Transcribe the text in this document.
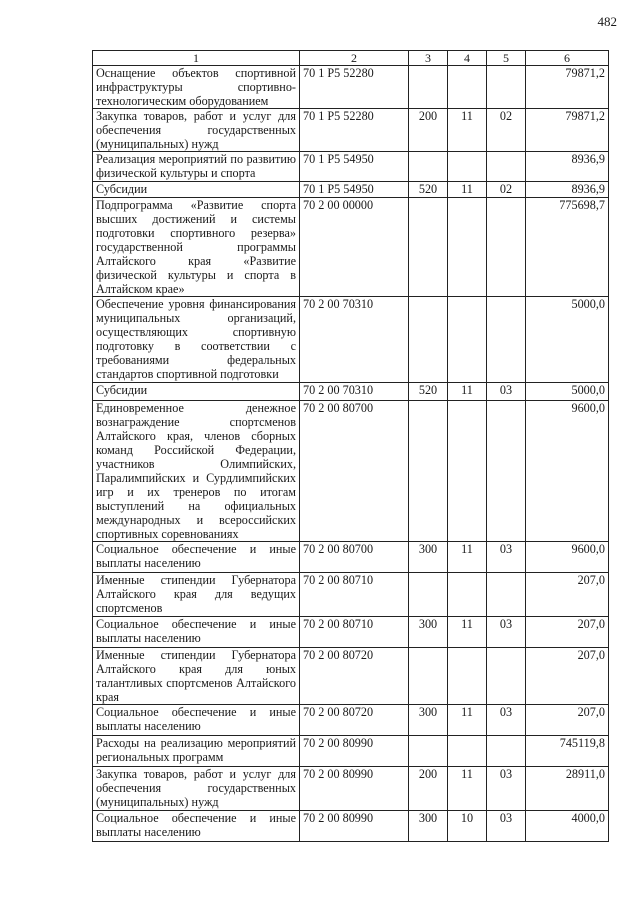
482
1	2	3	4	5	6
Оснащение объектов спортивной инфраструктуры спортивно-технологическим оборудованием	70 1 P5 52280				79871,2
Закупка товаров, работ и услуг для обеспечения государственных (муниципальных) нужд	70 1 P5 52280	200	11	02	79871,2
Реализация мероприятий по развитию физической культуры и спорта	70 1 P5 54950				8936,9
Субсидии	70 1 P5 54950	520	11	02	8936,9
Подпрограмма «Развитие спорта высших достижений и системы подготовки спортивного резерва» государственной программы Алтайского края «Развитие физической культуры и спорта в Алтайском крае»	70 2 00 00000				775698,7
Обеспечение уровня финансирования муниципальных организаций, осуществляющих спортивную подготовку в соответствии с требованиями федеральных стандартов спортивной подготовки	70 2 00 70310				5000,0
Субсидии	70 2 00 70310	520	11	03	5000,0
Единовременное денежное вознаграждение спортсменов Алтайского края, членов сборных команд Российской Федерации, участников Олимпийских, Паралимпийских и Сурдлимпийских игр и их тренеров по итогам выступлений на официальных международных и всероссийских спортивных соревнованиях	70 2 00 80700				9600,0
Социальное обеспечение и иные выплаты населению	70 2 00 80700	300	11	03	9600,0
Именные стипендии Губернатора Алтайского края для ведущих спортсменов	70 2 00 80710				207,0
Социальное обеспечение и иные выплаты населению	70 2 00 80710	300	11	03	207,0
Именные стипендии Губернатора Алтайского края для юных талантливых спортсменов Алтайского края	70 2 00 80720				207,0
Социальное обеспечение и иные выплаты населению	70 2 00 80720	300	11	03	207,0
Расходы на реализацию мероприятий региональных программ	70 2 00 80990				745119,8
Закупка товаров, работ и услуг для обеспечения государственных (муниципальных) нужд	70 2 00 80990	200	11	03	28911,0
Социальное обеспечение и иные выплаты населению	70 2 00 80990	300	10	03	4000,0
